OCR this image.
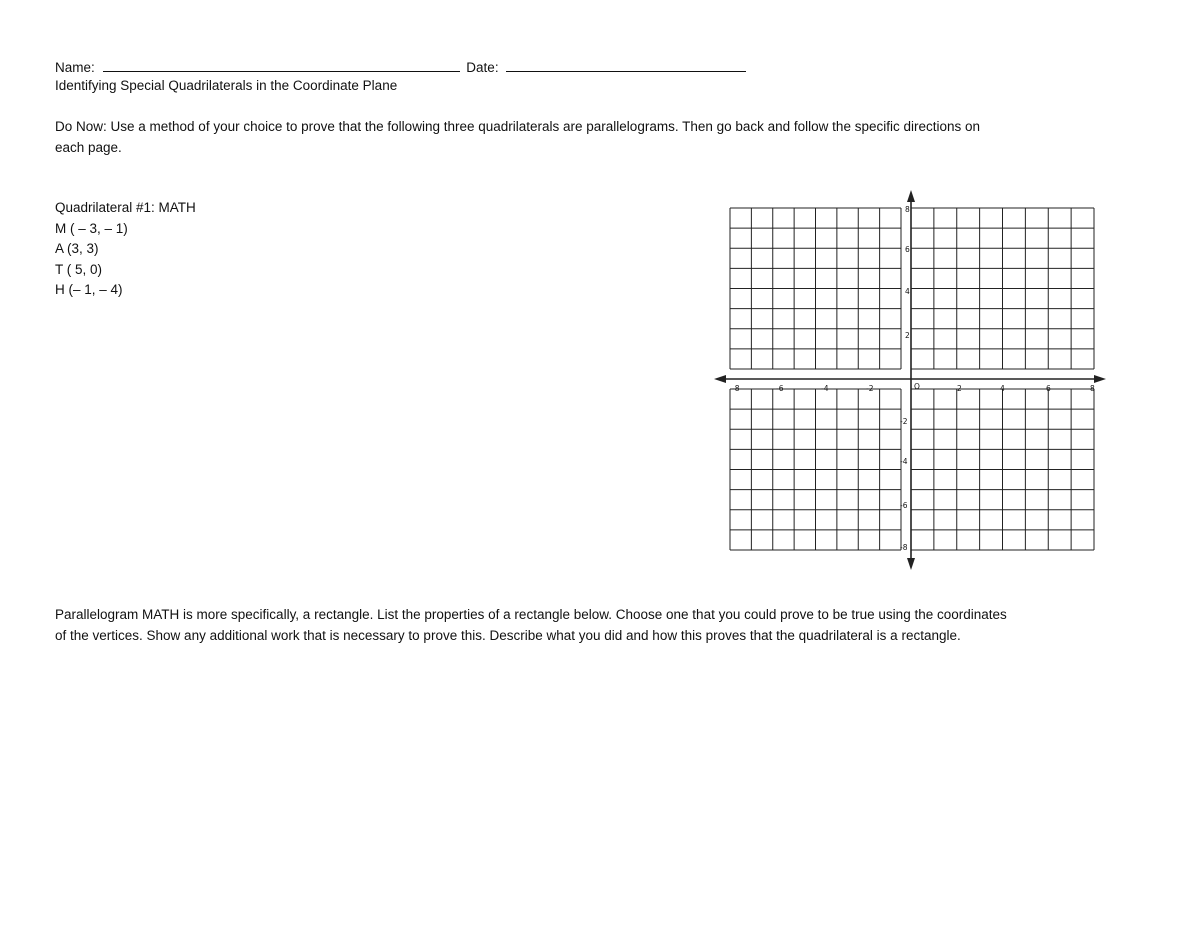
Name:	Date:
Identifying Special Quadrilaterals in the Coordinate Plane
Do Now: Use a method of your choice to prove that the following three quadrilaterals are parallelograms. Then go back and follow the specific directions on
each page.
Quadrilateral #1: MATH
M ( – 3, – 1)
A (3, 3)
T ( 5, 0)
H (– 1, – 4)
-8	-6	-4	-2	O	2	4	6	8
8
6
4
2
-2
-4
-6
-8
Parallelogram MATH is more specifically, a rectangle. List the properties of a rectangle below. Choose one that you could prove to be true using the coordinates
of the vertices. Show any additional work that is necessary to prove this. Describe what you did and how this proves that the quadrilateral is a rectangle.
